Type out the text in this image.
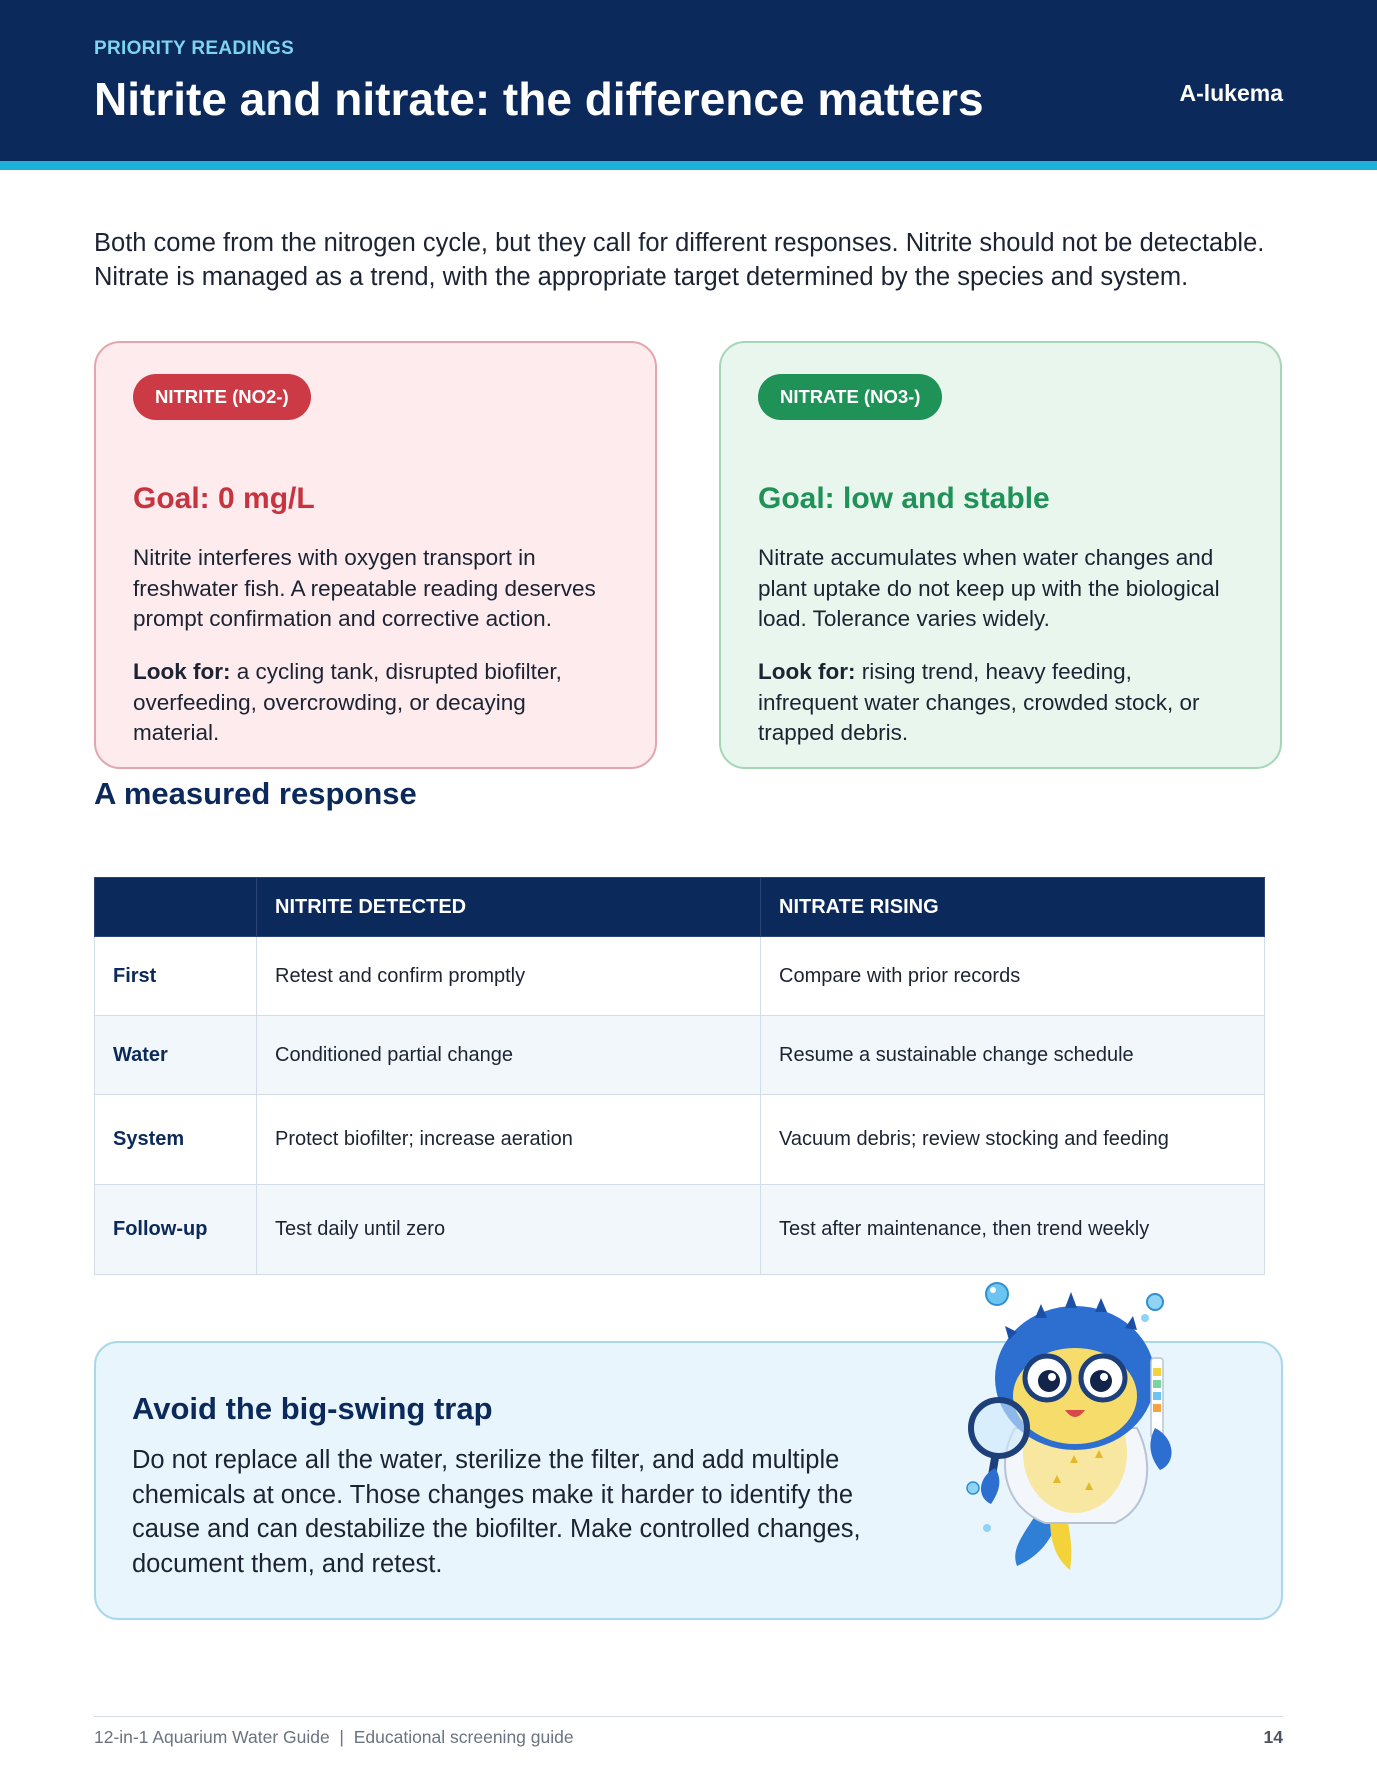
PRIORITY READINGS
Nitrite and nitrate: the difference matters	A-lukema

Both come from the nitrogen cycle, but they call for different responses. Nitrite should not be detectable. Nitrate is managed as a trend, with the appropriate target determined by the species and system.

NITRITE (NO2-)
Goal: 0 mg/L
Nitrite interferes with oxygen transport in freshwater fish. A repeatable reading deserves prompt confirmation and corrective action.
Look for: a cycling tank, disrupted biofilter, overfeeding, overcrowding, or decaying material.
NITRATE (NO3-)
Goal: low and stable
Nitrate accumulates when water changes and plant uptake do not keep up with the biological load. Tolerance varies widely.
Look for: rising trend, heavy feeding, infrequent water changes, crowded stock, or trapped debris.
A measured response
	NITRITE DETECTED	NITRATE RISING
First	Retest and confirm promptly	Compare with prior records
Water	Conditioned partial change	Resume a sustainable change schedule
System	Protect biofilter; increase aeration	Vacuum debris; review stocking and feeding
Follow-up	Test daily until zero	Test after maintenance, then trend weekly
Avoid the big-swing trap
Do not replace all the water, sterilize the filter, and add multiple chemicals at once. Those changes make it harder to identify the cause and can destabilize the biofilter. Make controlled changes, document them, and retest.
12-in-1 Aquarium Water Guide  |  Educational screening guide	14
